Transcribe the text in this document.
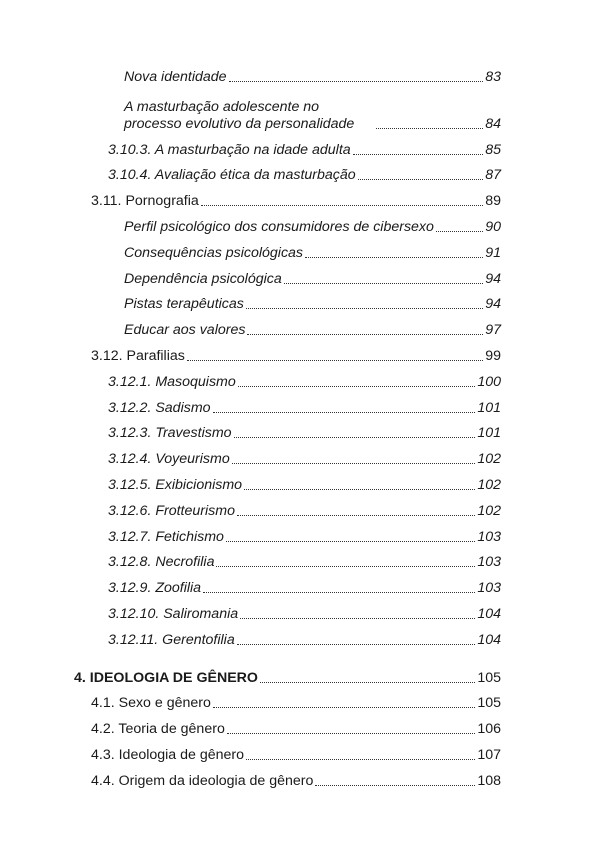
Nova identidade	83
A masturbação adolescente no processo evolutivo da personalidade	84
3.10.3. A masturbação na idade adulta	85
3.10.4. Avaliação ética da masturbação	87
3.11. Pornografia	89
Perfil psicológico dos consumidores de cibersexo	90
Consequências psicológicas	91
Dependência psicológica	94
Pistas terapêuticas	94
Educar aos valores	97
3.12. Parafilias	99
3.12.1. Masoquismo	100
3.12.2. Sadismo	101
3.12.3. Travestismo	101
3.12.4. Voyeurismo	102
3.12.5. Exibicionismo	102
3.12.6. Frotteurismo	102
3.12.7. Fetichismo	103
3.12.8. Necrofilia	103
3.12.9. Zoofilia	103
3.12.10. Saliromania	104
3.12.11. Gerentofilia	104
4. IDEOLOGIA DE GÊNERO	105
4.1. Sexo e gênero	105
4.2. Teoria de gênero	106
4.3. Ideologia de gênero	107
4.4. Origem da ideologia de gênero	108
